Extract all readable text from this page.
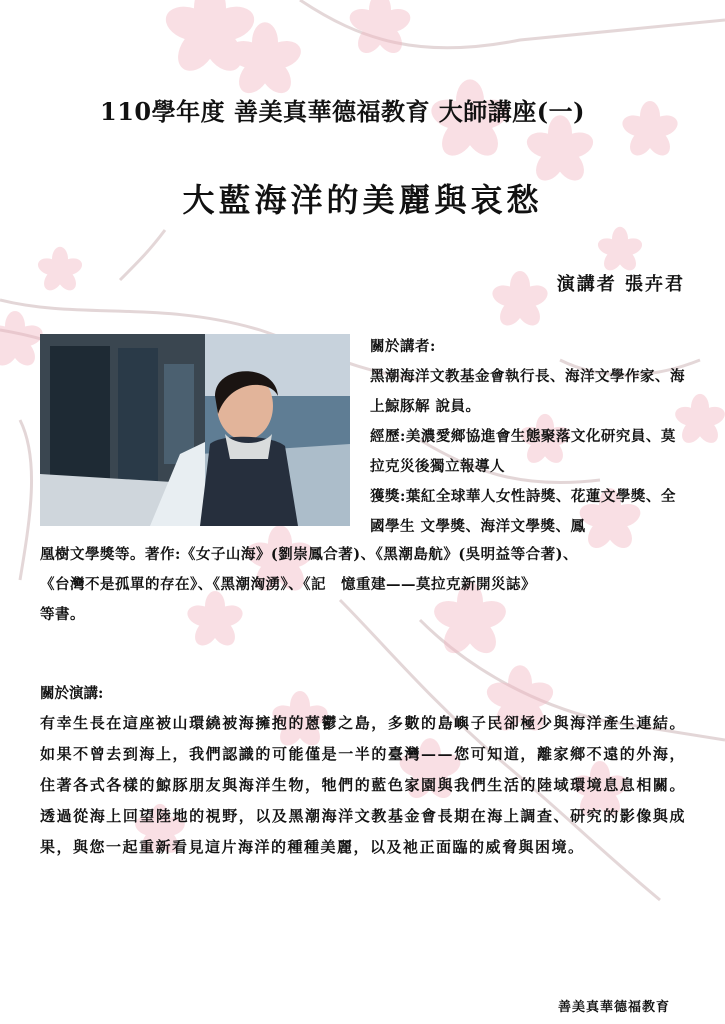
110學年度 善美真華德福教育 大師講座(一)
大藍海洋的美麗與哀愁
演講者 張卉君

關於講者:

黑潮海洋文教基金會執行長、海洋文學作家、海上鯨豚解 說員。

經歷:美濃愛鄉協進會生態聚落文化研究員、莫拉克災後獨立報導人

獲獎:葉紅全球華人女性詩獎、花蓮文學獎、全國學生 文學獎、海洋文學獎、鳳

凰樹文學獎等。著作:《女子山海》(劉崇鳳合著)、《黑潮島航》(吳明益等合著)、

《台灣不是孤單的存在》、《黑潮洶湧》、《記　憶重建——莫拉克新開災誌》

等書。

關於演講:
有幸生長在這座被山環繞被海擁抱的蒽鬱之島，多數的島嶼子民卻極少與海洋產生連結。如果不曾去到海上，我們認識的可能僅是一半的臺灣——您可知道，離家鄉不遠的外海，住著各式各樣的鯨豚朋友與海洋生物，牠們的藍色家園與我們生活的陸域環境息息相關。透過從海上回望陸地的視野，以及黑潮海洋文教基金會長期在海上調查、研究的影像與成果，與您一起重新看見這片海洋的種種美麗，以及祂正面臨的威脅與困境。
善美真華德福教育
